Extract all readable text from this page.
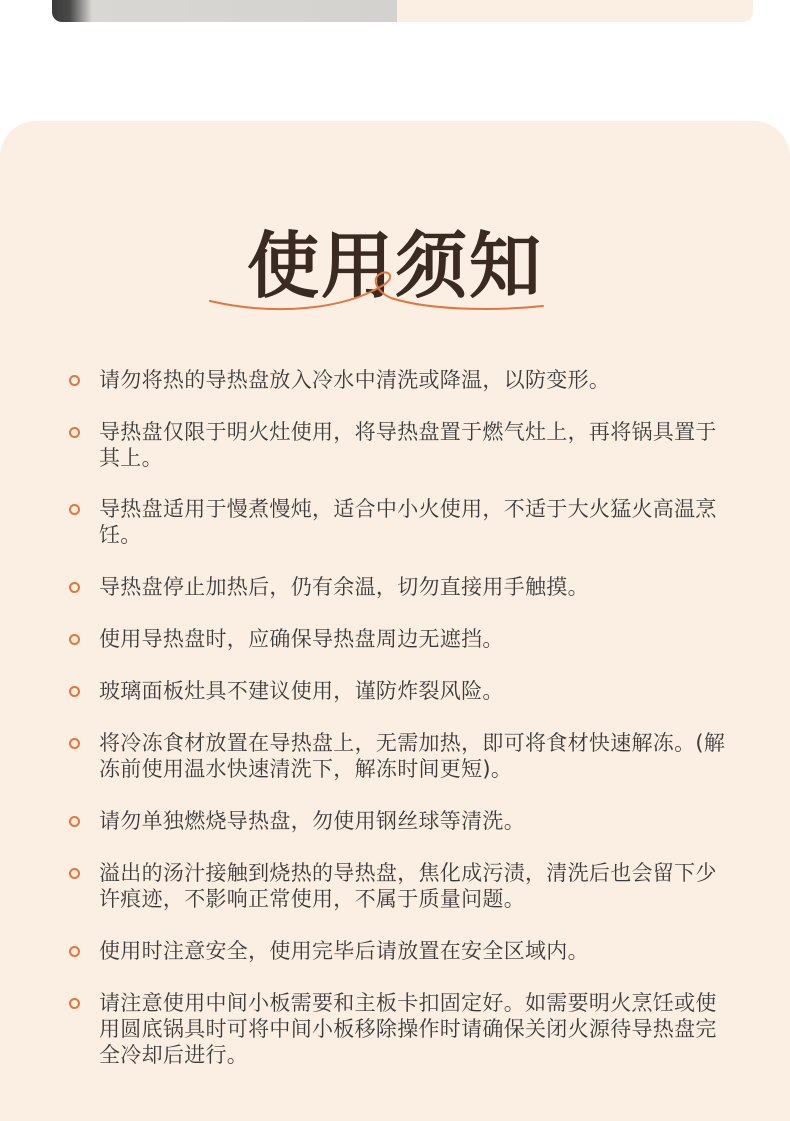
使用须知
请勿将热的导热盘放入冷水中清洗或降温，以防变形。
导热盘仅限于明火灶使用，将导热盘置于燃气灶上，再将锅具置于其上。
导热盘适用于慢煮慢炖，适合中小火使用，不适于大火猛火高温烹饪。
导热盘停止加热后，仍有余温，切勿直接用手触摸。
使用导热盘时，应确保导热盘周边无遮挡。
玻璃面板灶具不建议使用，谨防炸裂风险。
将冷冻食材放置在导热盘上，无需加热，即可将食材快速解冻。(解冻前使用温水快速清洗下，解冻时间更短)。
请勿单独燃烧导热盘，勿使用钢丝球等清洗。
溢出的汤汁接触到烧热的导热盘，焦化成污渍，清洗后也会留下少许痕迹，不影响正常使用，不属于质量问题。
使用时注意安全，使用完毕后请放置在安全区域内。
请注意使用中间小板需要和主板卡扣固定好。如需要明火烹饪或使用圆底锅具时可将中间小板移除操作时请确保关闭火源待导热盘完全冷却后进行。
